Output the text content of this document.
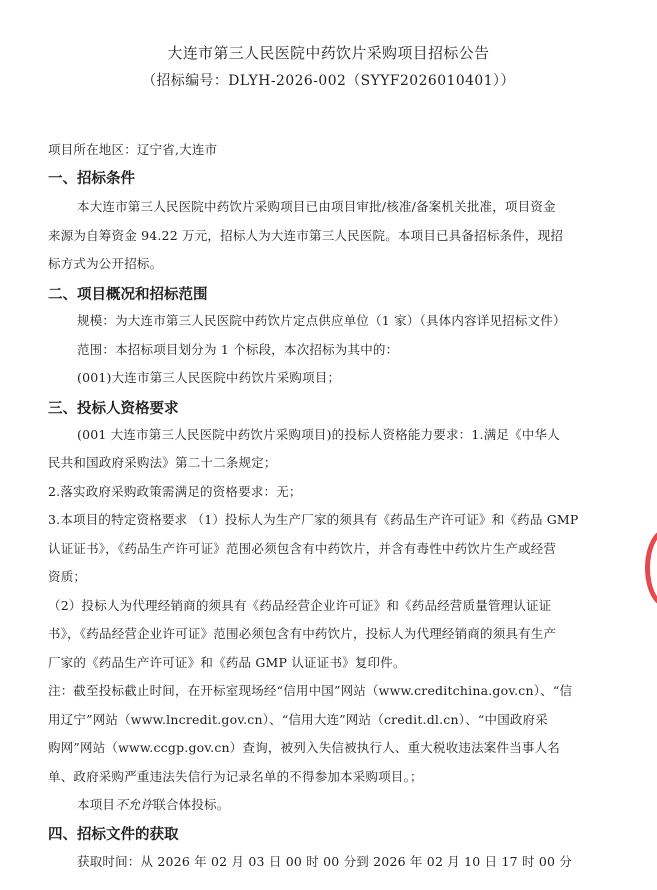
大连市第三人民医院中药饮片采购项目招标公告
（招标编号：DLYH-2026-002（SYYF2026010401））
项目所在地区：辽宁省,大连市
一、招标条件
本大连市第三人民医院中药饮片采购项目已由项目审批/核准/备案机关批准，项目资金
来源为自筹资金 94.22 万元，招标人为大连市第三人民医院。本项目已具备招标条件，现招
标方式为公开招标。
二、项目概况和招标范围
规模：为大连市第三人民医院中药饮片定点供应单位（1 家）（具体内容详见招标文件）
范围：本招标项目划分为 1 个标段，本次招标为其中的：
(001)大连市第三人民医院中药饮片采购项目；
三、投标人资格要求
(001 大连市第三人民医院中药饮片采购项目)的投标人资格能力要求：1.满足《中华人
民共和国政府采购法》第二十二条规定；
2.落实政府采购政策需满足的资格要求：无；
3.本项目的特定资格要求 （1）投标人为生产厂家的须具有《药品生产许可证》和《药品 GMP
认证证书》，《药品生产许可证》范围必须包含有中药饮片，并含有毒性中药饮片生产或经营
资质；
（2）投标人为代理经销商的须具有《药品经营企业许可证》和《药品经营质量管理认证证
书》，《药品经营企业许可证》范围必须包含有中药饮片，投标人为代理经销商的须具有生产
厂家的《药品生产许可证》和《药品 GMP 认证证书》复印件。
注：截至投标截止时间，在开标室现场经“信用中国”网站（www.creditchina.gov.cn）、“信
用辽宁”网站（www.lncredit.gov.cn）、“信用大连”网站（credit.dl.cn）、“中国政府采
购网”网站（www.ccgp.gov.cn）查询，被列入失信被执行人、重大税收违法案件当事人名
单、政府采购严重违法失信行为记录名单的不得参加本采购项目。；
本项目不允许联合体投标。
四、招标文件的获取
获取时间：从 2026 年 02 月 03 日 00 时 00 分到 2026 年 02 月 10 日 17 时 00 分
